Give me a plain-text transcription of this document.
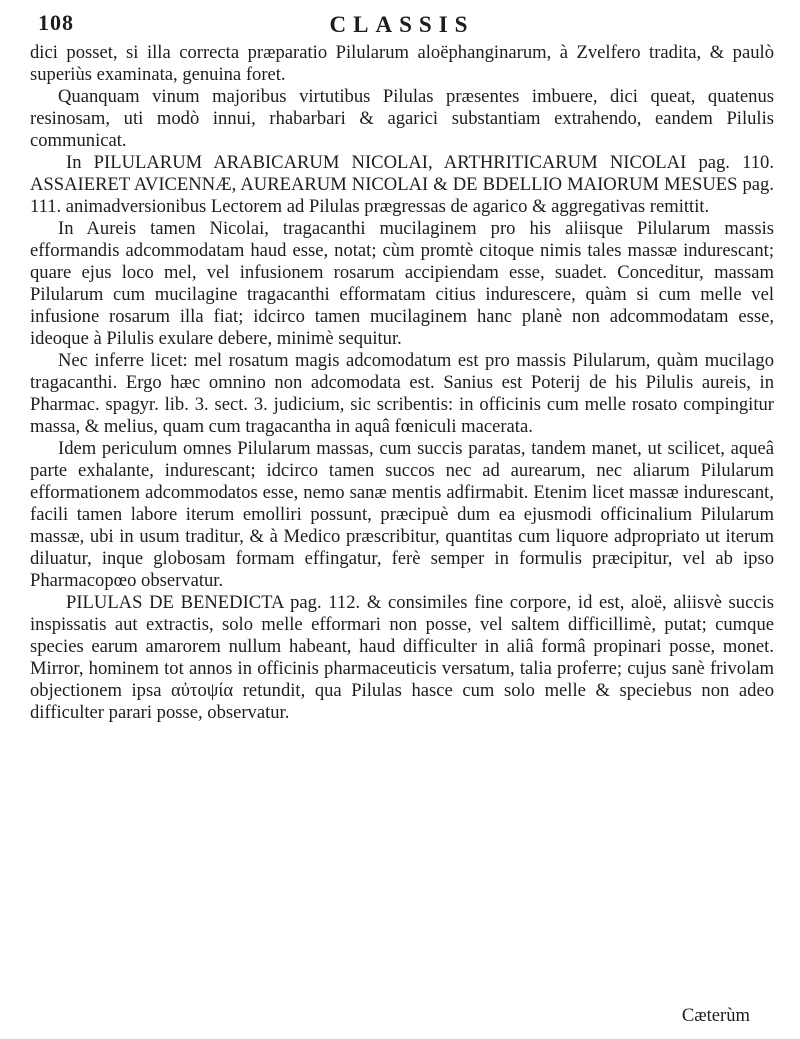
108	CLASSIS

dici posset, si illa correcta præparatio Pilularum aloëphanginarum, à Zvelfero tradita, & paulò superiùs examinata, genuina foret.

Quanquam vinum majoribus virtutibus Pilulas præsentes imbuere, dici queat, quatenus resinosam, uti modò innui, rhabarbari & agarici substantiam extrahendo, eandem Pilulis communicat.

In PILULARUM ARABICARUM NICOLAI, ARTHRITICARUM NICOLAI pag. 110. ASSAIERET AVICENNÆ, AUREARUM NICOLAI & DE BDELLIO MAIORUM MESUES pag. 111. animadversionibus Lectorem ad Pilulas prægressas de agarico & aggregativas remittit.

In Aureis tamen Nicolai, tragacanthi mucilaginem pro his aliisque Pilularum massis efformandis adcommodatam haud esse, notat; cùm promtè citoque nimis tales massæ indurescant; quare ejus loco mel, vel infusionem rosarum accipiendam esse, suadet. Conceditur, massam Pilularum cum mucilagine tragacanthi efformatam citius indurescere, quàm si cum melle vel infusione rosarum illa fiat; idcirco tamen mucilaginem hanc planè non adcommodatam esse, ideoque à Pilulis exulare debere, minimè sequitur.

Nec inferre licet: mel rosatum magis adcomodatum est pro massis Pilularum, quàm mucilago tragacanthi. Ergo hæc omnino non adcomodata est. Sanius est Poterij de his Pilulis aureis, in Pharmac. spagyr. lib. 3. sect. 3. judicium, sic scribentis: in officinis cum melle rosato compingitur massa, & melius, quam cum tragacantha in aquâ fœniculi macerata.

Idem periculum omnes Pilularum massas, cum succis paratas, tandem manet, ut scilicet, aqueâ parte exhalante, indurescant; idcirco tamen succos nec ad aurearum, nec aliarum Pilularum efformationem adcommodatos esse, nemo sanæ mentis adfirmabit. Etenim licet massæ indurescant, facili tamen labore iterum emolliri possunt, præcipuè dum ea ejusmodi officinalium Pilularum massæ, ubi in usum traditur, & à Medico præscribitur, quantitas cum liquore adpropriato ut iterum diluatur, inque globosam formam effingatur, ferè semper in formulis præcipitur, vel ab ipso Pharmacopœo observatur.

PILULAS DE BENEDICTA pag. 112. & consimiles fine corpore, id est, aloë, aliisvè succis inspissatis aut extractis, solo melle efformari non posse, vel saltem difficillimè, putat; cumque species earum amarorem nullum habeant, haud difficulter in aliâ formâ propinari posse, monet. Mirror, hominem tot annos in officinis pharmaceuticis versatum, talia proferre; cujus sanè frivolam objectionem ipsa αὐτοψία retundit, qua Pilulas hasce cum solo melle & speciebus non adeo difficulter parari posse, observatur.

Cæterùm
